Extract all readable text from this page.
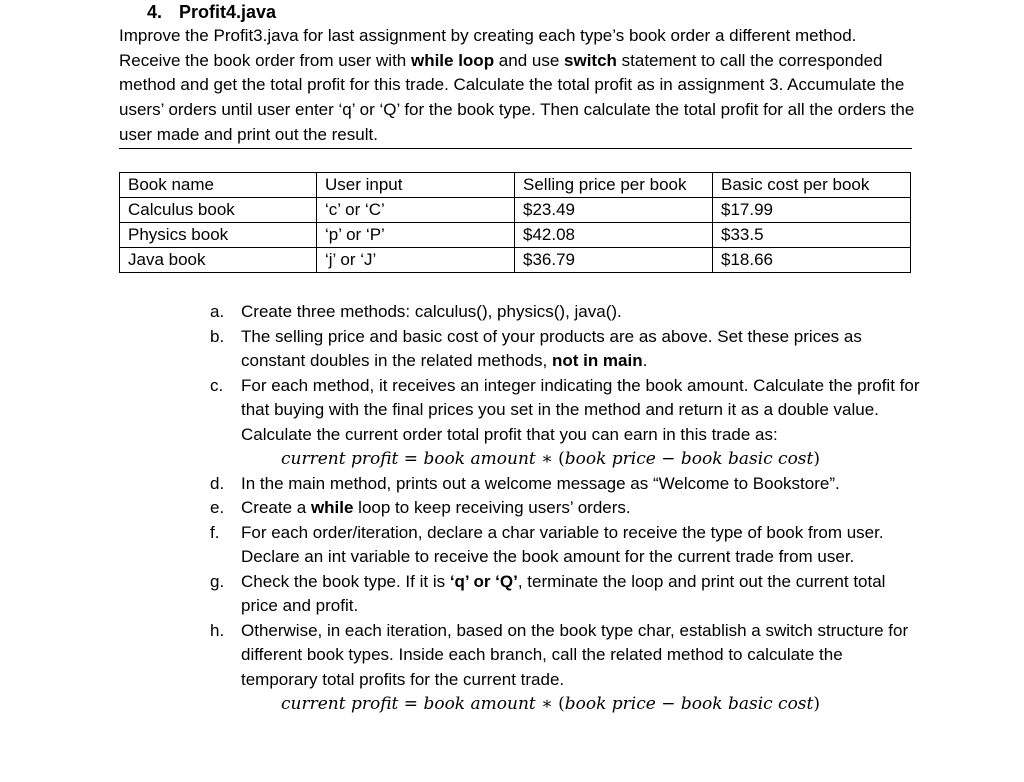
4. Profit4.java
Improve the Profit3.java for last assignment by creating each type’s book order a different method. Receive the book order from user with while loop and use switch statement to call the corresponded method and get the total profit for this trade. Calculate the total profit as in assignment 3. Accumulate the users’ orders until user enter ‘q’ or ‘Q’ for the book type. Then calculate the total profit for all the orders the user made and print out the result.
Book name	User input	Selling price per book	Basic cost per book
Calculus book	‘c’ or ‘C’	$23.49	$17.99
Physics book	‘p’ or ‘P’	$42.08	$33.5
Java book	‘j’ or ‘J’	$36.79	$18.66
a. Create three methods: calculus(), physics(), java().
b. The selling price and basic cost of your products are as above. Set these prices as constant doubles in the related methods, not in main.
c. For each method, it receives an integer indicating the book amount. Calculate the profit for that buying with the final prices you set in the method and return it as a double value. Calculate the current order total profit that you can earn in this trade as:
current profit = book amount ∗ (book price − book basic cost)
d. In the main method, prints out a welcome message as “Welcome to Bookstore”.
e. Create a while loop to keep receiving users’ orders.
f. For each order/iteration, declare a char variable to receive the type of book from user. Declare an int variable to receive the book amount for the current trade from user.
g. Check the book type. If it is ‘q’ or ‘Q’, terminate the loop and print out the current total price and profit.
h. Otherwise, in each iteration, based on the book type char, establish a switch structure for different book types. Inside each branch, call the related method to calculate the temporary total profits for the current trade.
current profit = book amount ∗ (book price − book basic cost)
